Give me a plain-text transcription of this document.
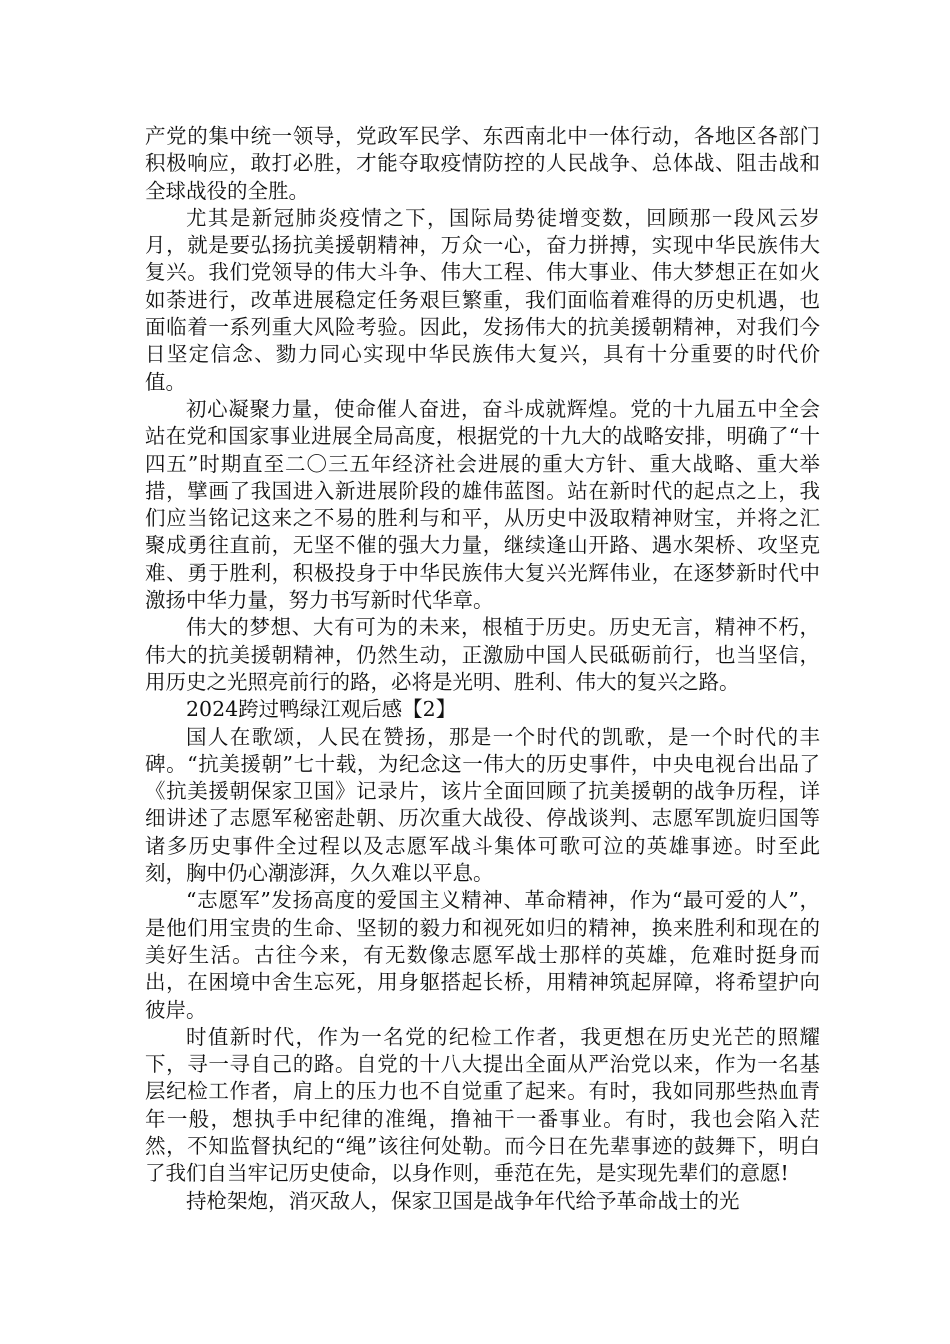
产党的集中统一领导，党政军民学、东西南北中一体行动，各地区各部门积极响应，敢打必胜，才能夺取疫情防控的人民战争、总体战、阻击战和全球战役的全胜。

尤其是新冠肺炎疫情之下，国际局势徒增变数，回顾那一段风云岁月，就是要弘扬抗美援朝精神，万众一心，奋力拼搏，实现中华民族伟大复兴。我们党领导的伟大斗争、伟大工程、伟大事业、伟大梦想正在如火如荼进行，改革进展稳定任务艰巨繁重，我们面临着难得的历史机遇，也面临着一系列重大风险考验。因此，发扬伟大的抗美援朝精神，对我们今日坚定信念、勠力同心实现中华民族伟大复兴，具有十分重要的时代价值。

初心凝聚力量，使命催人奋进，奋斗成就辉煌。党的十九届五中全会站在党和国家事业进展全局高度，根据党的十九大的战略安排，明确了“十四五”时期直至二〇三五年经济社会进展的重大方针、重大战略、重大举措，擘画了我国进入新进展阶段的雄伟蓝图。站在新时代的起点之上，我们应当铭记这来之不易的胜利与和平，从历史中汲取精神财宝，并将之汇聚成勇往直前，无坚不催的强大力量，继续逢山开路、遇水架桥、攻坚克难、勇于胜利，积极投身于中华民族伟大复兴光辉伟业，在逐梦新时代中激扬中华力量，努力书写新时代华章。

伟大的梦想、大有可为的未来，根植于历史。历史无言，精神不朽，伟大的抗美援朝精神，仍然生动，正激励中国人民砥砺前行，也当坚信，用历史之光照亮前行的路，必将是光明、胜利、伟大的复兴之路。

2024跨过鸭绿江观后感【2】

国人在歌颂，人民在赞扬，那是一个时代的凯歌，是一个时代的丰碑。“抗美援朝”七十载，为纪念这一伟大的历史事件，中央电视台出品了《抗美援朝保家卫国》记录片，该片全面回顾了抗美援朝的战争历程，详细讲述了志愿军秘密赴朝、历次重大战役、停战谈判、志愿军凯旋归国等诸多历史事件全过程以及志愿军战斗集体可歌可泣的英雄事迹。时至此刻，胸中仍心潮澎湃，久久难以平息。

“志愿军”发扬高度的爱国主义精神、革命精神，作为“最可爱的人”，是他们用宝贵的生命、坚韧的毅力和视死如归的精神，换来胜利和现在的美好生活。古往今来，有无数像志愿军战士那样的英雄，危难时挺身而出，在困境中舍生忘死，用身躯搭起长桥，用精神筑起屏障，将希望护向彼岸。

时值新时代，作为一名党的纪检工作者，我更想在历史光芒的照耀下，寻一寻自己的路。自党的十八大提出全面从严治党以来，作为一名基层纪检工作者，肩上的压力也不自觉重了起来。有时，我如同那些热血青年一般，想执手中纪律的准绳，撸袖干一番事业。有时，我也会陷入茫然，不知监督执纪的“绳”该往何处勒。而今日在先辈事迹的鼓舞下，明白了我们自当牢记历史使命，以身作则，垂范在先，是实现先辈们的意愿!

持枪架炮，消灭敌人，保家卫国是战争年代给予革命战士的光
